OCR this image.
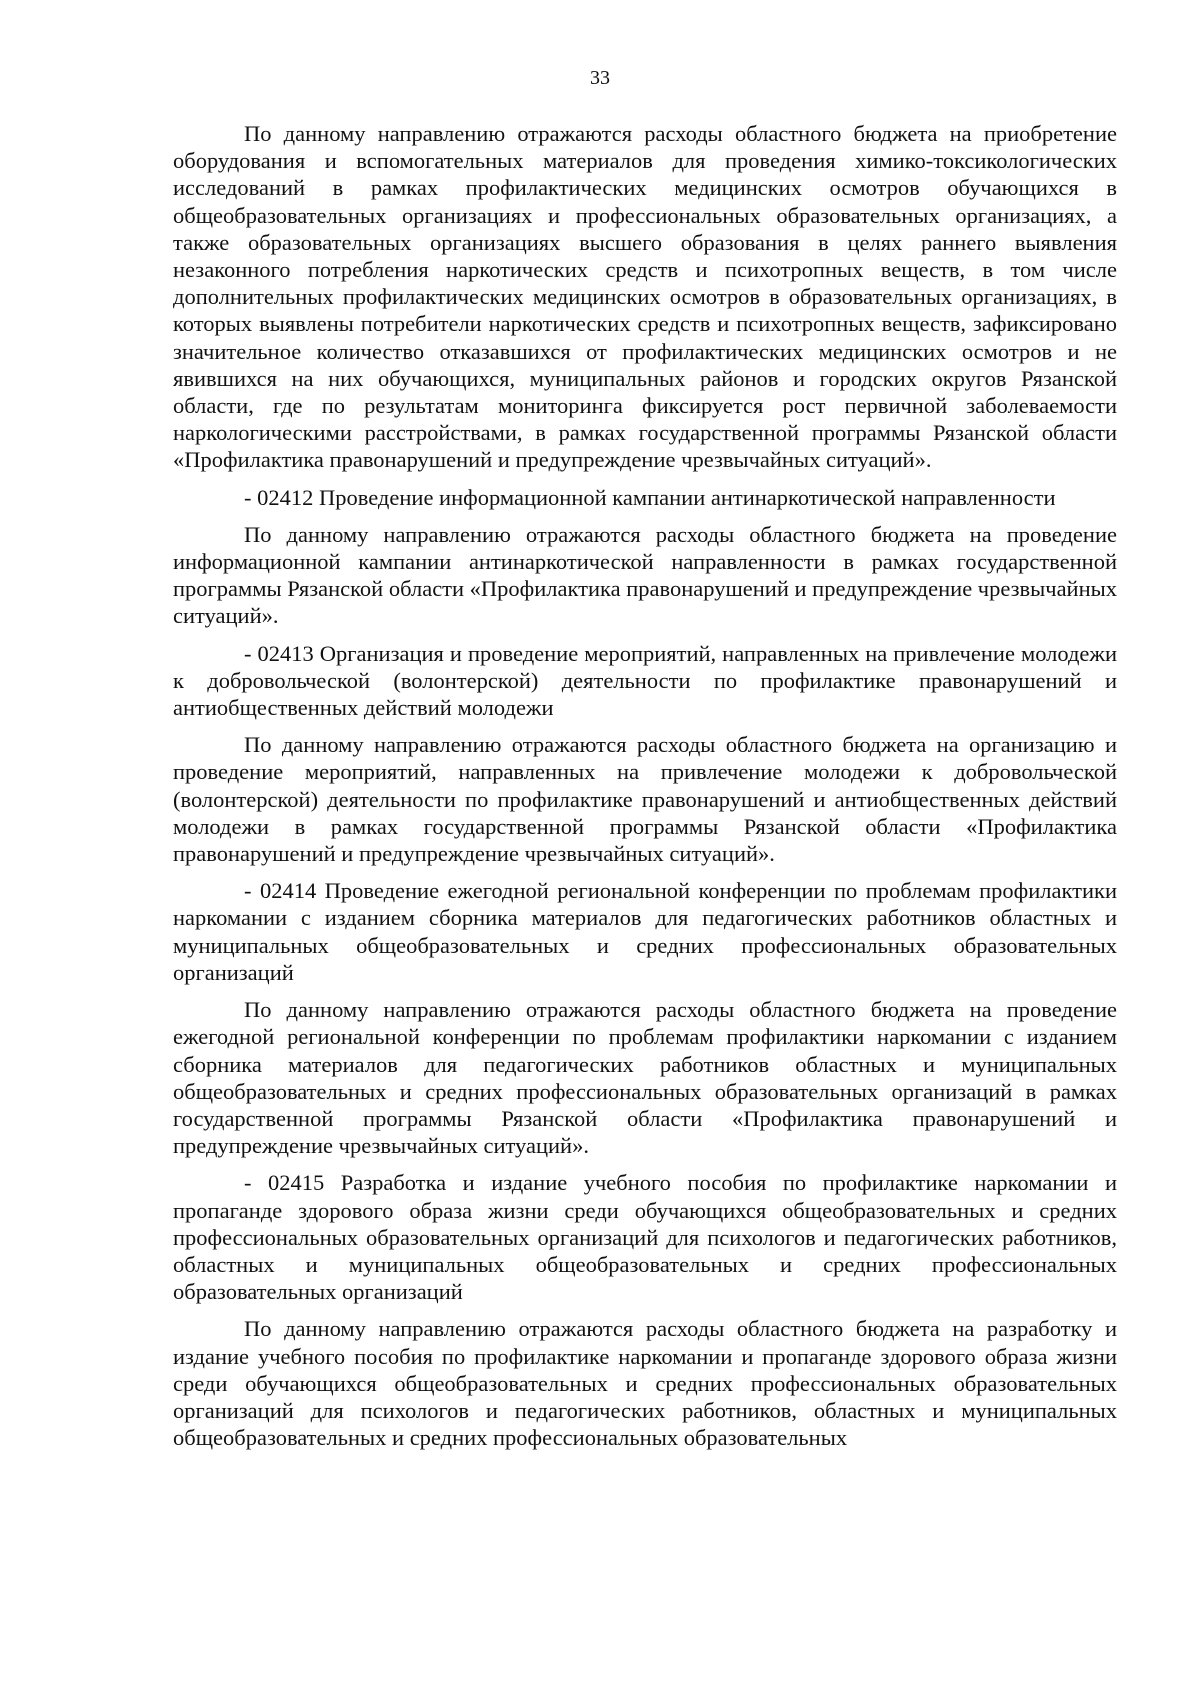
33

По данному направлению отражаются расходы областного бюджета на приобретение оборудования и вспомогательных материалов для проведения химико-токсикологических исследований в рамках профилактических медицинских осмотров обучающихся в общеобразовательных организациях и профессиональных образовательных организациях, а также образовательных организациях высшего образования в целях раннего выявления незаконного потребления наркотических средств и психотропных веществ, в том числе дополнительных профилактических медицинских осмотров в образовательных организациях, в которых выявлены потребители наркотических средств и психотропных веществ, зафиксировано значительное количество отказавшихся от профилактических медицинских осмотров и не явившихся на них обучающихся, муниципальных районов и городских округов Рязанской области, где по результатам мониторинга фиксируется рост первичной заболеваемости наркологическими расстройствами, в рамках государственной программы Рязанской области «Профилактика правонарушений и предупреждение чрезвычайных ситуаций».

- 02412 Проведение информационной кампании антинаркотической направленности

По данному направлению отражаются расходы областного бюджета на проведение информационной кампании антинаркотической направленности в рамках государственной программы Рязанской области «Профилактика правонарушений и предупреждение чрезвычайных ситуаций».

- 02413 Организация и проведение мероприятий, направленных на привлечение молодежи к добровольческой (волонтерской) деятельности по профилактике правонарушений и антиобщественных действий молодежи

По данному направлению отражаются расходы областного бюджета на организацию и проведение мероприятий, направленных на привлечение молодежи к добровольческой (волонтерской) деятельности по профилактике правонарушений и антиобщественных действий молодежи в рамках государственной программы Рязанской области «Профилактика правонарушений и предупреждение чрезвычайных ситуаций».

- 02414 Проведение ежегодной региональной конференции по проблемам профилактики наркомании с изданием сборника материалов для педагогических работников областных и муниципальных общеобразовательных и средних профессиональных образовательных организаций

По данному направлению отражаются расходы областного бюджета на проведение ежегодной региональной конференции по проблемам профилактики наркомании с изданием сборника материалов для педагогических работников областных и муниципальных общеобразовательных и средних профессиональных образовательных организаций в рамках государственной программы Рязанской области «Профилактика правонарушений и предупреждение чрезвычайных ситуаций».

- 02415 Разработка и издание учебного пособия по профилактике наркомании и пропаганде здорового образа жизни среди обучающихся общеобразовательных и средних профессиональных образовательных организаций для психологов и педагогических работников, областных и муниципальных общеобразовательных и средних профессиональных образовательных организаций

По данному направлению отражаются расходы областного бюджета на разработку и издание учебного пособия по профилактике наркомании и пропаганде здорового образа жизни среди обучающихся общеобразовательных и средних профессиональных образовательных организаций для психологов и педагогических работников, областных и муниципальных общеобразовательных и средних профессиональных образовательных
